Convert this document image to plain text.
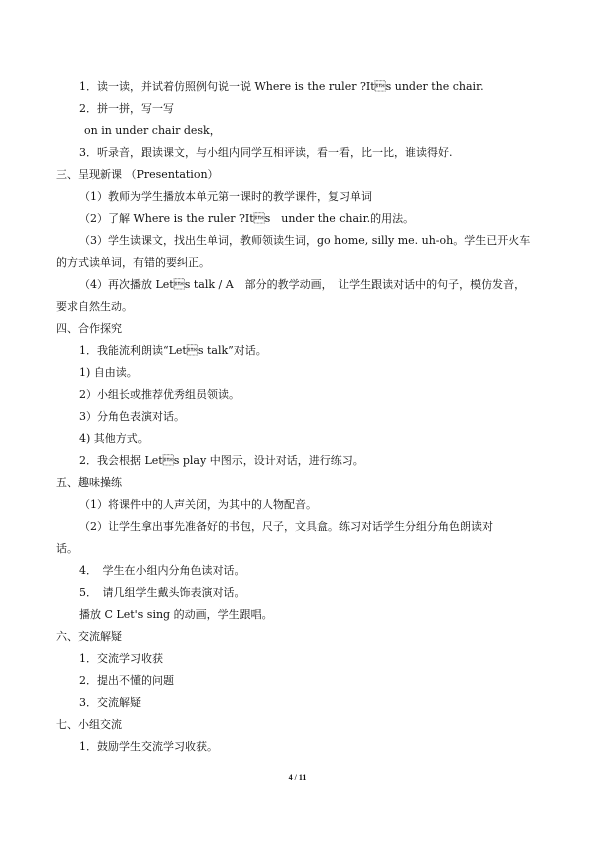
1．读一读，并试着仿照例句说一说 Where is the ruler ?Its under the chair.
2．拼一拼，写一写
on in under chair desk，
3．听录音，跟读课文，与小组内同学互相评读，看一看，比一比，谁读得好.
三、呈现新课 （Presentation）
（1）教师为学生播放本单元第一课时的教学课件，复习单词
（2）了解 Where is the ruler ?Its　under the chair.的用法。
（3）学生读课文，找出生单词，教师领读生词，go home, silly me. uh-oh。学生已开火车
的方式读单词，有错的要纠正。
（4）再次播放 Lets talk / A　部分的教学动画，　让学生跟读对话中的句子，模仿发音，
要求自然生动。
四、合作探究
1．我能流利朗读“Lets talk”对话。
1) 自由读。
2）小组长或推荐优秀组员领读。
3）分角色表演对话。
4) 其他方式。
2．我会根据 Lets play 中图示，设计对话，进行练习。
五、趣味操练
（1）将课件中的人声关闭，为其中的人物配音。
（2）让学生拿出事先准备好的书包，尺子，文具盒。练习对话学生分组分角色朗读对
话。
4．　学生在小组内分角色读对话。
5．　请几组学生戴头饰表演对话。
播放 C Let's sing 的动画，学生跟唱。
六、交流解疑
1．交流学习收获
2．提出不懂的问题
3．交流解疑
七、小组交流
1．鼓励学生交流学习收获。
4 / 11
